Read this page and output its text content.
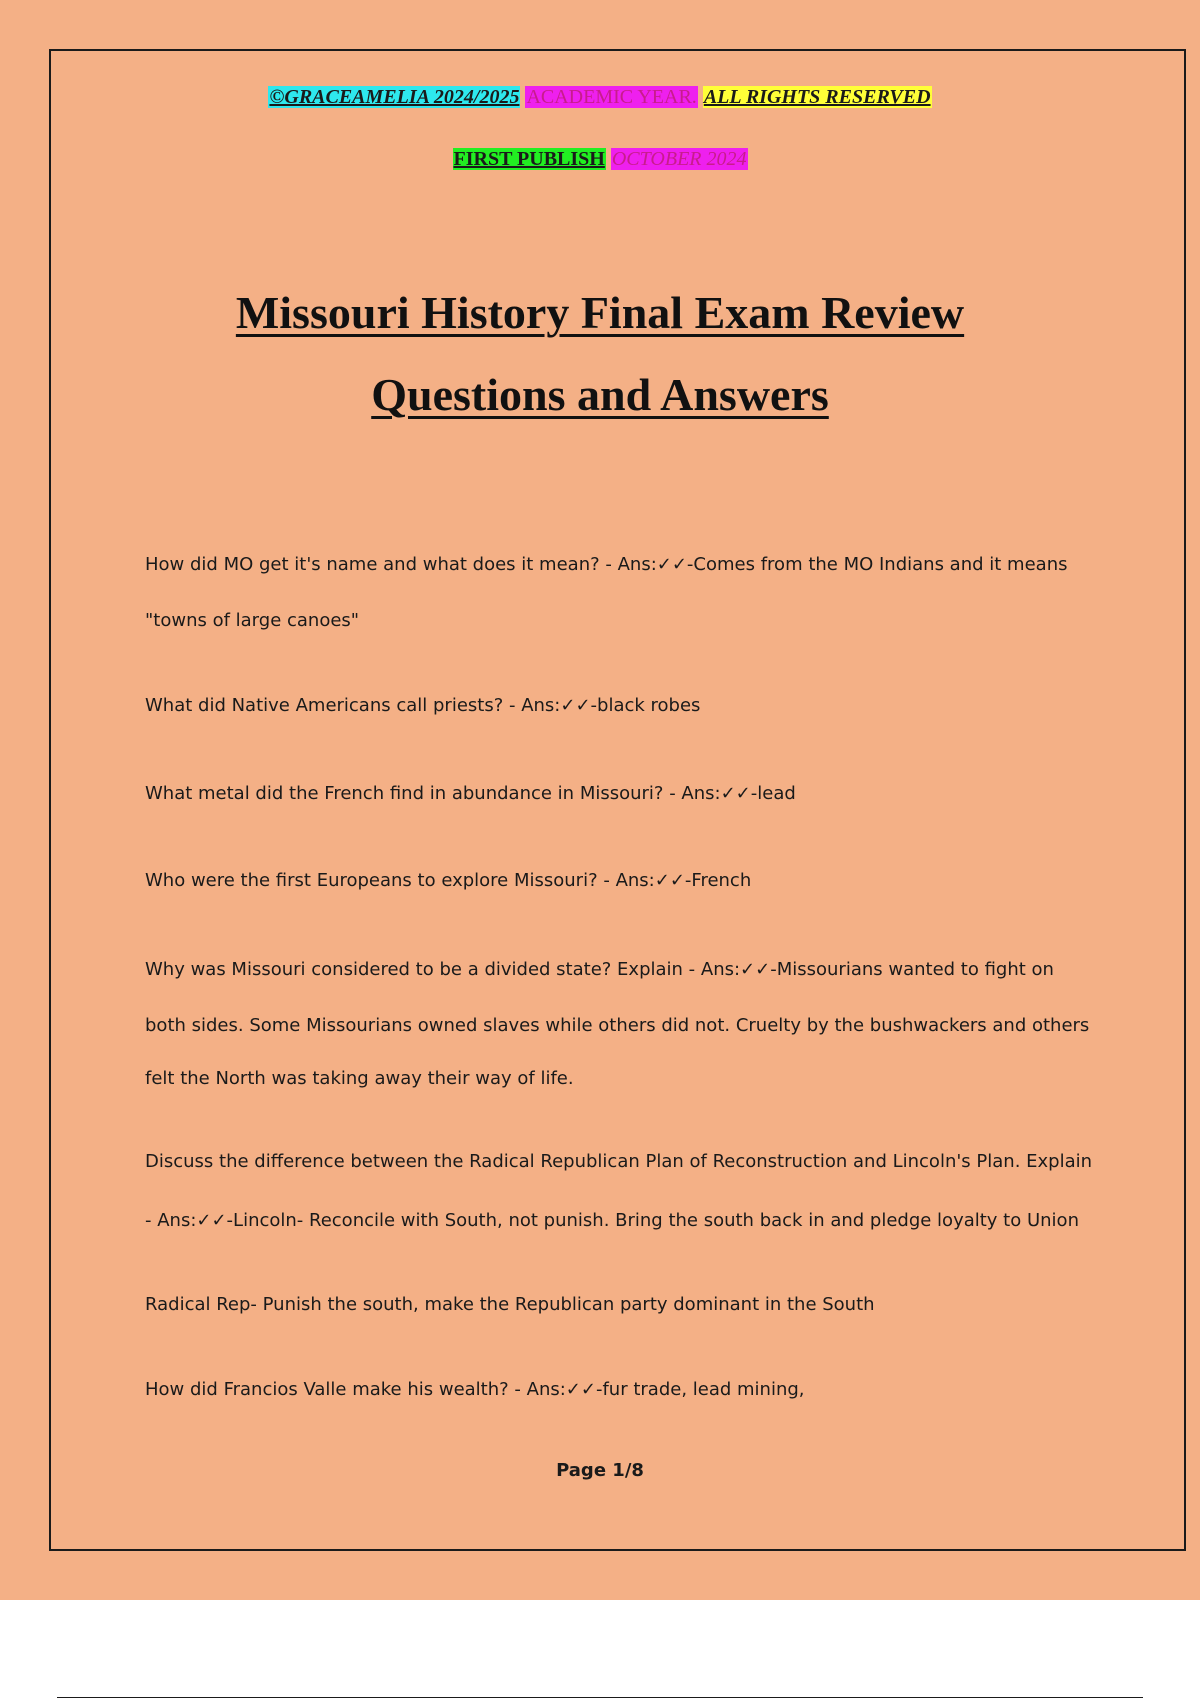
©GRACEAMELIA 2024/2025 ACADEMIC YEAR. ALL RIGHTS RESERVED
FIRST PUBLISH OCTOBER 2024
Missouri History Final Exam Review
Questions and Answers
How did MO get it's name and what does it mean? - Ans:✓✓-Comes from the MO Indians and it means
"towns of large canoes"
What did Native Americans call priests? - Ans:✓✓-black robes
What metal did the French find in abundance in Missouri? - Ans:✓✓-lead
Who were the first Europeans to explore Missouri? - Ans:✓✓-French
Why was Missouri considered to be a divided state? Explain - Ans:✓✓-Missourians wanted to fight on
both sides. Some Missourians owned slaves while others did not. Cruelty by the bushwackers and others
felt the North was taking away their way of life.
Discuss the difference between the Radical Republican Plan of Reconstruction and Lincoln's Plan. Explain
- Ans:✓✓-Lincoln- Reconcile with South, not punish. Bring the south back in and pledge loyalty to Union
Radical Rep- Punish the south, make the Republican party dominant in the South
How did Francios Valle make his wealth? - Ans:✓✓-fur trade, lead mining,
Page 1/8
